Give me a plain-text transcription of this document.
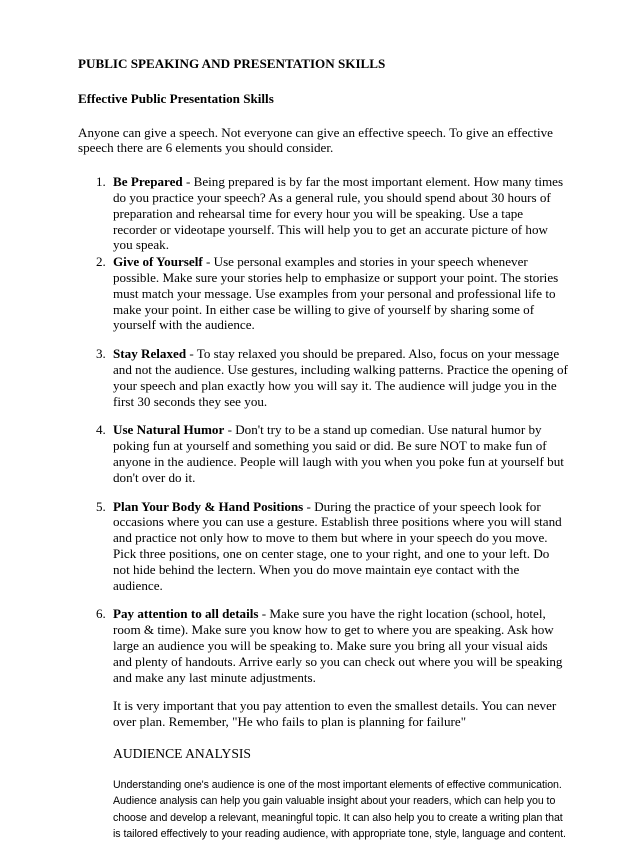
PUBLIC SPEAKING AND PRESENTATION SKILLS

Effective Public Presentation Skills

Anyone can give a speech. Not everyone can give an effective speech. To give an effective speech there are 6 elements you should consider.

1. Be Prepared - Being prepared is by far the most important element. How many times do you practice your speech? As a general rule, you should spend about 30 hours of preparation and rehearsal time for every hour you will be speaking. Use a tape recorder or videotape yourself. This will help you to get an accurate picture of how you speak.
2. Give of Yourself - Use personal examples and stories in your speech whenever possible. Make sure your stories help to emphasize or support your point. The stories must match your message. Use examples from your personal and professional life to make your point. In either case be willing to give of yourself by sharing some of yourself with the audience.
3. Stay Relaxed - To stay relaxed you should be prepared. Also, focus on your message and not the audience. Use gestures, including walking patterns. Practice the opening of your speech and plan exactly how you will say it. The audience will judge you in the first 30 seconds they see you.
4. Use Natural Humor - Don't try to be a stand up comedian. Use natural humor by poking fun at yourself and something you said or did. Be sure NOT to make fun of anyone in the audience. People will laugh with you when you poke fun at yourself but don't over do it.
5. Plan Your Body & Hand Positions - During the practice of your speech look for occasions where you can use a gesture. Establish three positions where you will stand and practice not only how to move to them but where in your speech do you move. Pick three positions, one on center stage, one to your right, and one to your left. Do not hide behind the lectern. When you do move maintain eye contact with the audience.
6. Pay attention to all details - Make sure you have the right location (school, hotel, room & time). Make sure you know how to get to where you are speaking. Ask how large an audience you will be speaking to. Make sure you bring all your visual aids and plenty of handouts. Arrive early so you can check out where you will be speaking and make any last minute adjustments.

It is very important that you pay attention to even the smallest details. You can never over plan. Remember, "He who fails to plan is planning for failure"

AUDIENCE ANALYSIS

Understanding one's audience is one of the most important elements of effective communication. Audience analysis can help you gain valuable insight about your readers, which can help you to choose and develop a relevant, meaningful topic. It can also help you to create a writing plan that is tailored effectively to your reading audience, with appropriate tone, style, language and content.
